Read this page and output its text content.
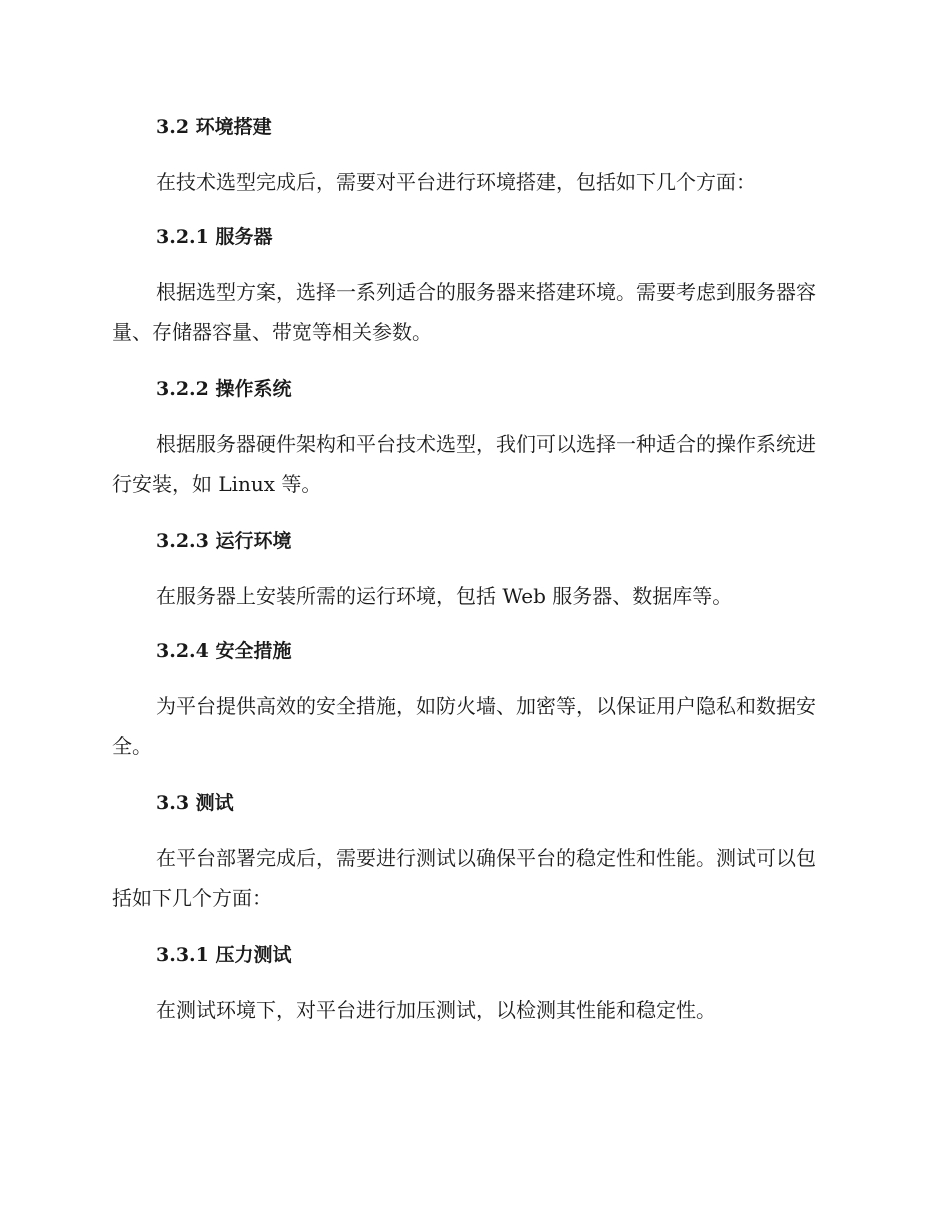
3.2 环境搭建

在技术选型完成后，需要对平台进行环境搭建，包括如下几个方面：

3.2.1 服务器

根据选型方案，选择一系列适合的服务器来搭建环境。需要考虑到服务器容量、存储器容量、带宽等相关参数。

3.2.2 操作系统

根据服务器硬件架构和平台技术选型，我们可以选择一种适合的操作系统进行安装，如 Linux 等。

3.2.3 运行环境

在服务器上安装所需的运行环境，包括 Web 服务器、数据库等。

3.2.4 安全措施

为平台提供高效的安全措施，如防火墙、加密等，以保证用户隐私和数据安全。

3.3 测试

在平台部署完成后，需要进行测试以确保平台的稳定性和性能。测试可以包括如下几个方面：

3.3.1 压力测试

在测试环境下，对平台进行加压测试，以检测其性能和稳定性。
